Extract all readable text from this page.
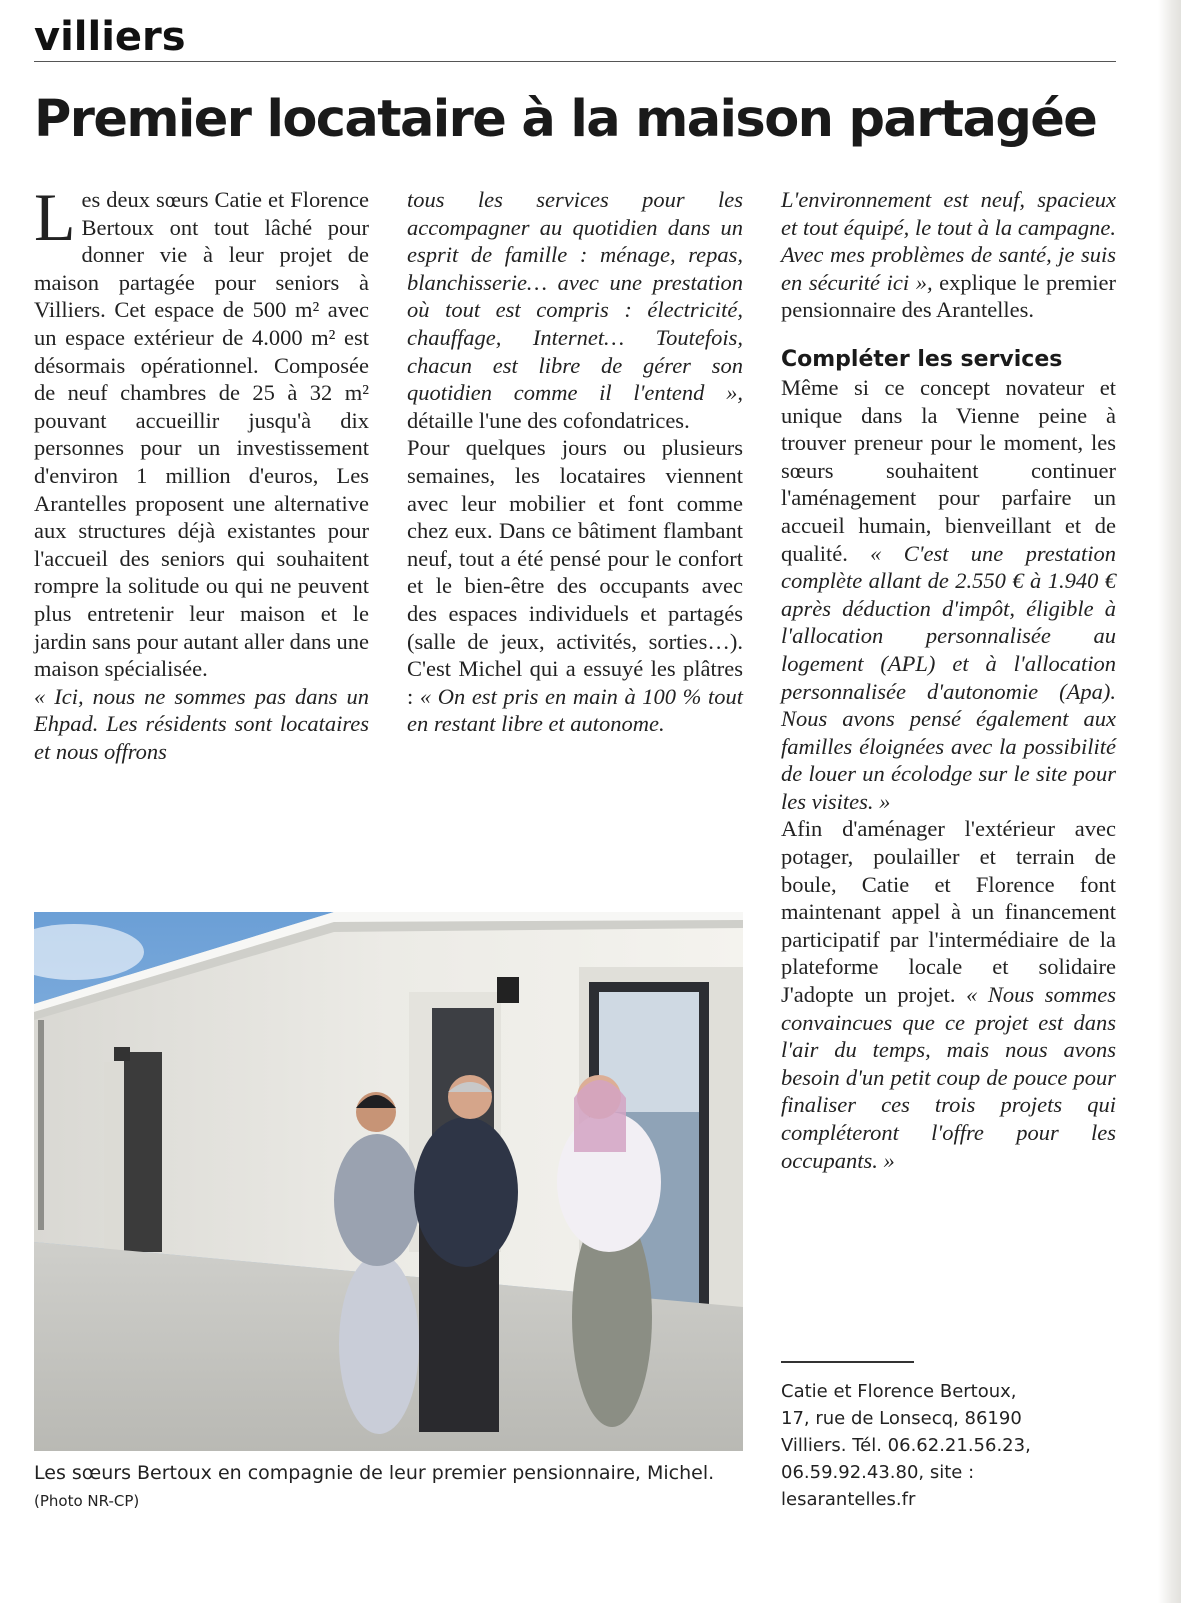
villiers
Premier locataire à la maison partagée

Les deux sœurs Catie et Florence Bertoux ont tout lâché pour donner vie à leur projet de maison partagée pour seniors à Villiers. Cet espace de 500 m² avec un espace extérieur de 4.000 m² est désormais opérationnel. Composée de neuf chambres de 25 à 32 m² pouvant accueillir jusqu'à dix personnes pour un investissement d'environ 1 million d'euros, Les Arantelles proposent une alternative aux structures déjà existantes pour l'accueil des seniors qui souhaitent rompre la solitude ou qui ne peuvent plus entretenir leur maison et le jardin sans pour autant aller dans une maison spécialisée.

« Ici, nous ne sommes pas dans un Ehpad. Les résidents sont locataires et nous offrons

tous les services pour les accompagner au quotidien dans un esprit de famille : ménage, repas, blanchisserie… avec une prestation où tout est compris : électricité, chauffage, Internet… Toutefois, chacun est libre de gérer son quotidien comme il l'entend », détaille l'une des cofondatrices.

Pour quelques jours ou plusieurs semaines, les locataires viennent avec leur mobilier et font comme chez eux. Dans ce bâtiment flambant neuf, tout a été pensé pour le confort et le bien-être des occupants avec des espaces individuels et partagés (salle de jeux, activités, sorties…). C'est Michel qui a essuyé les plâtres : « On est pris en main à 100 % tout en restant libre et autonome.

L'environnement est neuf, spacieux et tout équipé, le tout à la campagne. Avec mes problèmes de santé, je suis en sécurité ici », explique le premier pensionnaire des Arantelles.

Compléter les services

Même si ce concept novateur et unique dans la Vienne peine à trouver preneur pour le moment, les sœurs souhaitent continuer l'aménagement pour parfaire un accueil humain, bienveillant et de qualité. « C'est une prestation complète allant de 2.550 € à 1.940 € après déduction d'impôt, éligible à l'allocation personnalisée au logement (APL) et à l'allocation personnalisée d'autonomie (Apa). Nous avons pensé également aux familles éloignées avec la possibilité de louer un écolodge sur le site pour les visites. »

Afin d'aménager l'extérieur avec potager, poulailler et terrain de boule, Catie et Florence font maintenant appel à un financement participatif par l'intermédiaire de la plateforme locale et solidaire J'adopte un projet. « Nous sommes convaincues que ce projet est dans l'air du temps, mais nous avons besoin d'un petit coup de pouce pour finaliser ces trois projets qui compléteront l'offre pour les occupants. »

Les sœurs Bertoux en compagnie de leur premier pensionnaire, Michel. (Photo NR-CP)
Catie et Florence Bertoux,
17, rue de Lonsecq, 86190
Villiers. Tél. 06.62.21.56.23,
06.59.92.43.80, site :
lesarantelles.fr
